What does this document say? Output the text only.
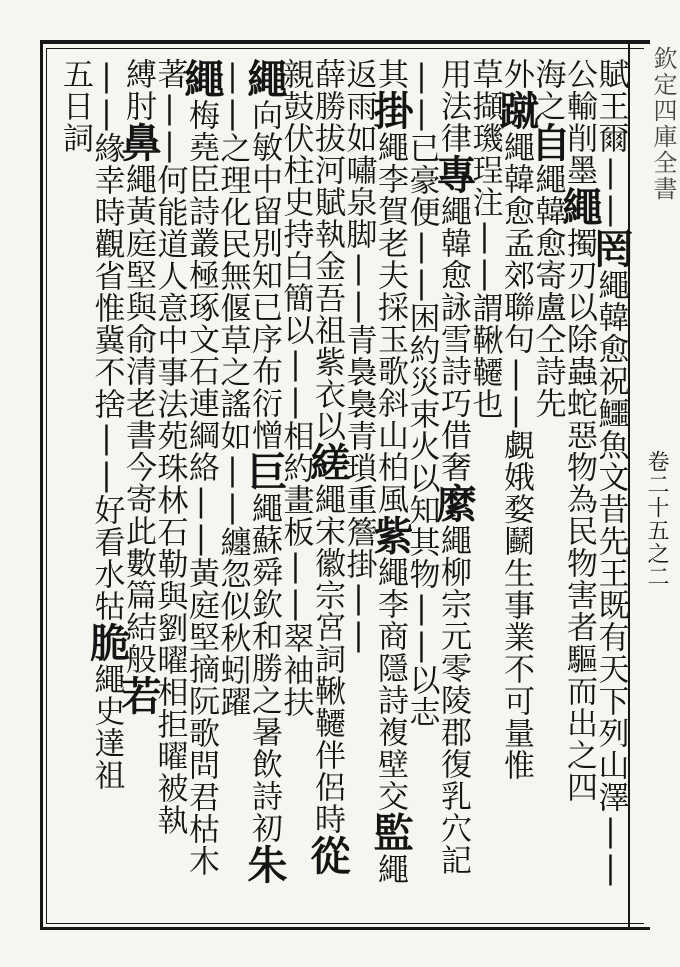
欽定四庫全書
卷二十五之二
賦王爾||罔繩韓愈祝鱷魚文昔先王既有天下列山澤||
公輸削墨繩擉刃以除蟲蛇惡物為民物害者驅而出之四
海之自繩韓愈寄盧仝詩先
外蹴繩韓愈孟郊聯句||覷娥婺鬬生事業不可量惟
草擷璣珵注||謂鞦韆也
用法律專繩韓愈詠雪詩巧借奢縻繩柳宗元零陵郡復乳穴記
||已豪便||困約災束火以知其物||以志
其掛繩李賀老夫採玉歌斜山柏風紫繩李商隱詩複壁交監繩
返雨如嘯泉脚||青裊裊青瑣重簷掛||
薛勝拔河賦執金吾祖紫衣以縒繩宋徽宗宮詞鞦韆伴侶時從
親鼓伏柱史持白簡以||相約畫板||翠袖扶
繩向敏中留別知已序布衍憎巨繩蘇舜欽和勝之暑飲詩初朱
||之理化民無偃草之謠如||纏忽似秋蚓躍
繩梅堯臣詩叢極琢文石連綱絡||黃庭堅摘阮歌問君枯木
著||何能道人意中事法苑珠林石勒與劉曜相拒曜被執
縛肘鼻繩黃庭堅與俞清老書今寄此數篇結般若
||緣幸時觀省惟冀不捨||好看水牯脆繩史達祖
五日詞
